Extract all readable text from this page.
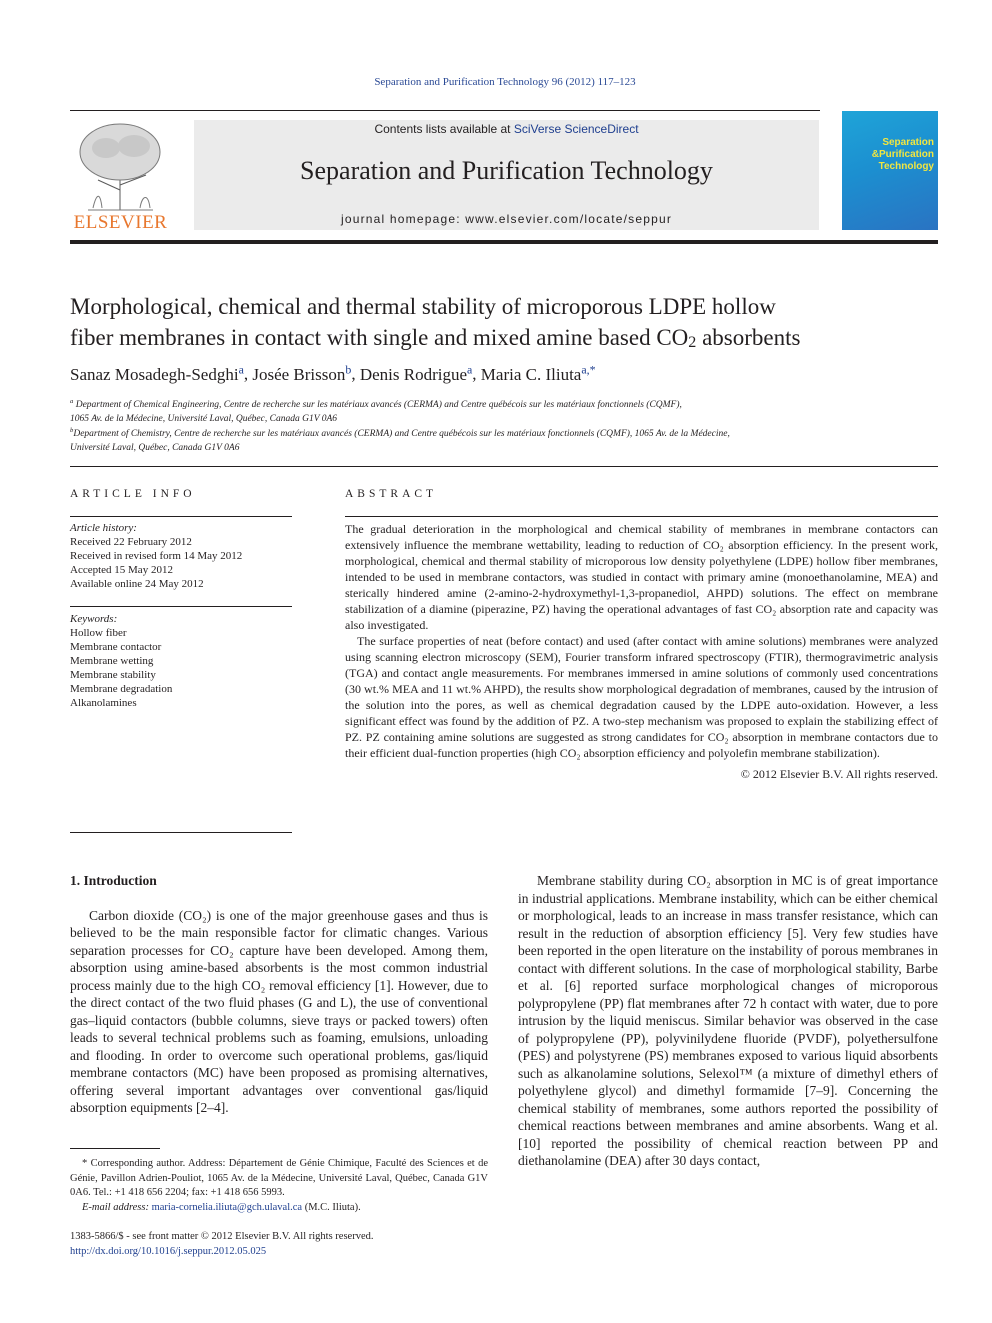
Separation and Purification Technology 96 (2012) 117–123
ELSEVIER
Contents lists available at SciVerse ScienceDirect
Separation and Purification Technology
journal homepage: www.elsevier.com/locate/seppur
Separation
&Purification
Technology
Morphological, chemical and thermal stability of microporous LDPE hollow
fiber membranes in contact with single and mixed amine based $CO_2$ absorbents
Sanaz Mosadegh-Sedghi$^a$, Josée Brisson$^b$, Denis Rodrigue$^a$, Maria C. Iliuta$^{a,*}$
$^a$ Department of Chemical Engineering, Centre de recherche sur les matériaux avancés (CERMA) and Centre québécois sur les matériaux fonctionnels (CQMF),
1065 Av. de la Médecine, Université Laval, Québec, Canada G1V 0A6
$^b$Department of Chemistry, Centre de recherche sur les matériaux avancés (CERMA) and Centre québécois sur les matériaux fonctionnels (CQMF), 1065 Av. de la Médecine,
Université Laval, Québec, Canada G1V 0A6
ARTICLE INFO
Article history:
Received 22 February 2012
Received in revised form 14 May 2012
Accepted 15 May 2012
Available online 24 May 2012
Keywords:
Hollow fiber
Membrane contactor
Membrane wetting
Membrane stability
Membrane degradation
Alkanolamines
ABSTRACT

The gradual deterioration in the morphological and chemical stability of membranes in membrane contactors can extensively influence the membrane wettability, leading to reduction of CO₂ absorption efficiency. In the present work, morphological, chemical and thermal stability of microporous low density polyethylene (LDPE) hollow fiber membranes, intended to be used in membrane contactors, was studied in contact with primary amine (monoethanolamine, MEA) and sterically hindered amine (2-amino-2-hydroxymethyl-1,3-propanediol, AHPD) solutions. The effect on membrane stabilization of a diamine (piperazine, PZ) having the operational advantages of fast CO₂ absorption rate and capacity was also investigated.

The surface properties of neat (before contact) and used (after contact with amine solutions) membranes were analyzed using scanning electron microscopy (SEM), Fourier transform infrared spectroscopy (FTIR), thermogravimetric analysis (TGA) and contact angle measurements. For membranes immersed in amine solutions of commonly used concentrations (30 wt.% MEA and 11 wt.% AHPD), the results show morphological degradation of membranes, caused by the intrusion of the solution into the pores, as well as chemical degradation caused by the LDPE auto-oxidation. However, a less significant effect was found by the addition of PZ. A two-step mechanism was proposed to explain the stabilizing effect of PZ. PZ containing amine solutions are suggested as strong candidates for CO₂ absorption in membrane contactors due to their efficient dual-function properties (high CO₂ absorption efficiency and polyolefin membrane stabilization).

© 2012 Elsevier B.V. All rights reserved.
1. Introduction

Carbon dioxide (CO₂) is one of the major greenhouse gases and thus is believed to be the main responsible factor for climatic changes. Various separation processes for CO₂ capture have been developed. Among them, absorption using amine-based absorbents is the most common industrial process mainly due to the high CO₂ removal efficiency [1]. However, due to the direct contact of the two fluid phases (G and L), the use of conventional gas–liquid contactors (bubble columns, sieve trays or packed towers) often leads to several technical problems such as foaming, emulsions, unloading and flooding. In order to overcome such operational problems, gas/liquid membrane contactors (MC) have been proposed as promising alternatives, offering several important advantages over conventional gas/liquid absorption equipments [2–4].

Membrane stability during CO₂ absorption in MC is of great importance in industrial applications. Membrane instability, which can be either chemical or morphological, leads to an increase in mass transfer resistance, which can result in the reduction of absorption efficiency [5]. Very few studies have been reported in the open literature on the instability of porous membranes in contact with different solutions. In the case of morphological stability, Barbe et al. [6] reported surface morphological changes of microporous polypropylene (PP) flat membranes after 72 h contact with water, due to pore intrusion by the liquid meniscus. Similar behavior was observed in the case of polypropylene (PP), polyvinilydene fluoride (PVDF), polyethersulfone (PES) and polystyrene (PS) membranes exposed to various liquid absorbents such as alkanolamine solutions, Selexol™ (a mixture of dimethyl ethers of polyethylene glycol) and dimethyl formamide [7–9]. Concerning the chemical stability of membranes, some authors reported the possibility of chemical reactions between membranes and amine absorbents. Wang et al. [10] reported the possibility of chemical reaction between PP and diethanolamine (DEA) after 30 days contact,

* Corresponding author. Address: Département de Génie Chimique, Faculté des Sciences et de Génie, Pavillon Adrien-Pouliot, 1065 Av. de la Médecine, Université Laval, Québec, Canada G1V 0A6. Tel.: +1 418 656 2204; fax: +1 418 656 5993.

E-mail address: maria-cornelia.iliuta@gch.ulaval.ca (M.C. Iliuta).

1383-5866/$ - see front matter © 2012 Elsevier B.V. All rights reserved.
http://dx.doi.org/10.1016/j.seppur.2012.05.025
